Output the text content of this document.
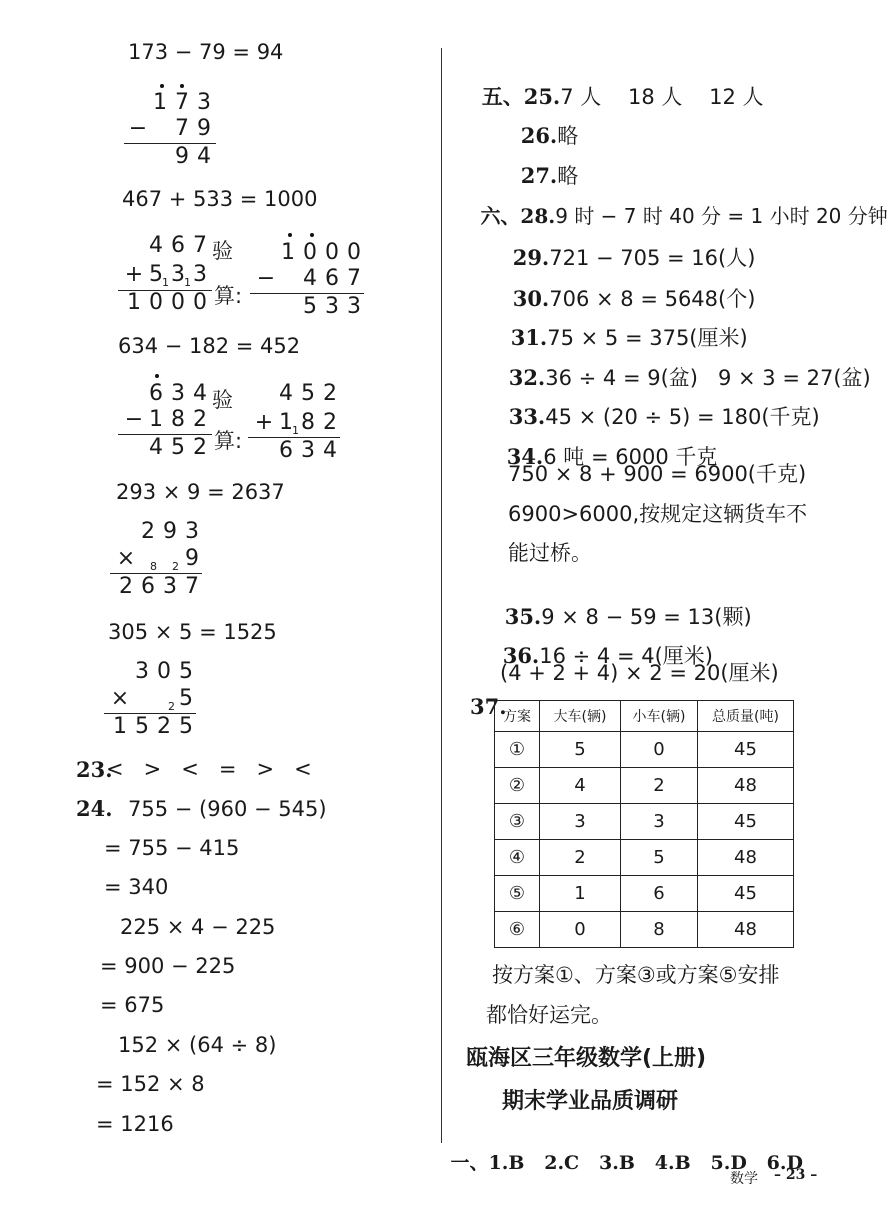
173 − 79 = 94
1 7 3
− 7 9
9 4
467 + 533 = 1000
4 6 7 验
+ 5 1 3 1 3
1 0 0 0 算:
1 0 0 0
− 4 6 7
5 3 3
634 − 182 = 452
6 3 4 验
− 1 8 2
4 5 2 算:
4 5 2
+ 1 1 8 2
6 3 4
293 × 9 = 2637
2 9 3
× 8 2 9
2 6 3 7
305 × 5 = 1525
3 0 5
×	2 5
1 5 2 5
23.
<   >   <   =   >   <
24. 755 − (960 − 545)
= 755 − 415
= 340
225 × 4 − 225
= 900 − 225
= 675
152 × (64 ÷ 8)
= 152 × 8
= 1216

五、25.7 人    18 人    12 人

26.略

27.略

六、28.9 时 − 7 时 40 分 = 1 小时 20 分钟

29.721 − 705 = 16(人)

30.706 × 8 = 5648(个)

31.75 × 5 = 375(厘米)

32.36 ÷ 4 = 9(盆)   9 × 3 = 27(盆)

33.45 × (20 ÷ 5) = 180(千克)

34.6 吨 = 6000 千克

750 × 8 + 900 = 6900(千克)
6900>6000,按规定这辆货车不
能过桥。

35.9 × 8 − 59 = 13(颗)

36.16 ÷ 4 = 4(厘米)

(4 + 2 + 4) × 2 = 20(厘米)
37.
方案	大车(辆)	小车(辆)	总质量(吨)
①	5	0	45
②	4	2	48
③	3	3	45
④	2	5	48
⑤	1	6	45
⑥	0	8	48
按方案①、方案③或方案⑤安排
都恰好运完。
瓯海区三年级数学(上册)
期末学业品质调研

一、1.B   2.C   3.B   4.B   5.D   6.D

数学 – 23 –
